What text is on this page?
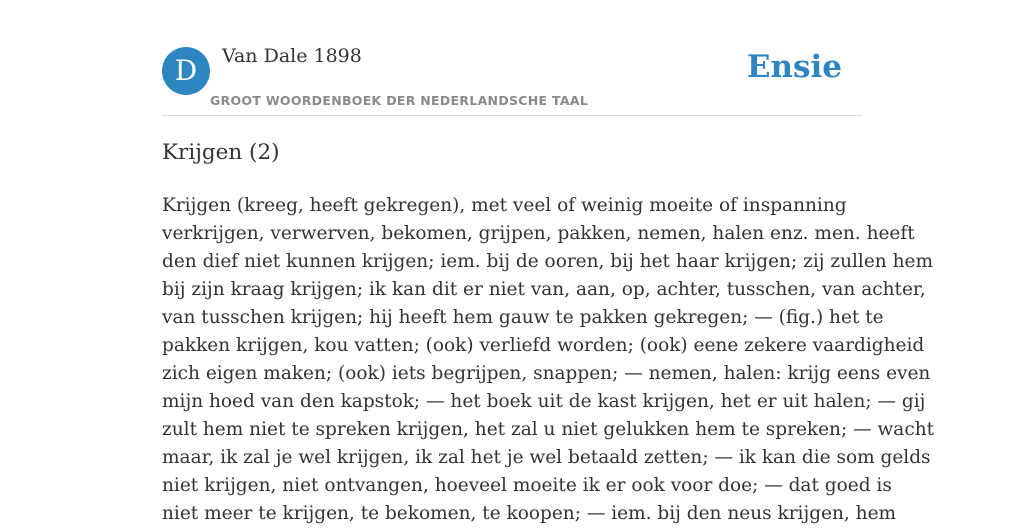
D	Van Dale 1898
GROOT WOORDENBOEK DER NEDERLANDSCHE TAAL
Ensie
Krijgen (2)

Krijgen (kreeg, heeft gekregen), met veel of weinig moeite of inspanning
verkrijgen, verwerven, bekomen, grijpen, pakken, nemen, halen enz. men. heeft
den dief niet kunnen krijgen; iem. bij de ooren, bij het haar krijgen; zij zullen hem
bij zijn kraag krijgen; ik kan dit er niet van, aan, op, achter, tusschen, van achter,
van tusschen krijgen; hij heeft hem gauw te pakken gekregen; — (fig.) het te
pakken krijgen, kou vatten; (ook) verliefd worden; (ook) eene zekere vaardigheid
zich eigen maken; (ook) iets begrijpen, snappen; — nemen, halen: krijg eens even
mijn hoed van den kapstok; — het boek uit de kast krijgen, het er uit halen; — gij
zult hem niet te spreken krijgen, het zal u niet gelukken hem te spreken; — wacht
maar, ik zal je wel krijgen, ik zal het je wel betaald zetten; — ik kan die som gelds
niet krijgen, niet ontvangen, hoeveel moeite ik er ook voor doe; — dat goed is
niet meer te krijgen, te bekomen, te koopen; — iem. bij den neus krijgen, hem
